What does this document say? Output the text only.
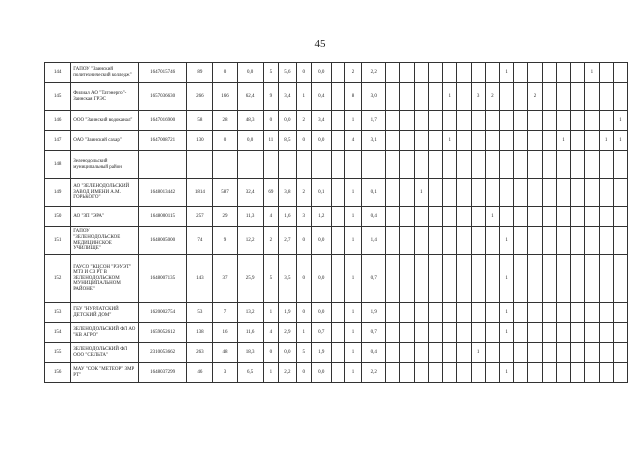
45
144	ГАПОУ "Заинский политехнический колледж"	1647015746	89	0	0,0	5	5,6	0	0,0		2	2,2									1						1		
145	Филиал АО "Татэнерго"-Заинская ГРЭС	1657036630	266	166	62,4	9	3,4	1	0,4		8	3,0					1		3	2			2						
146	ООО "Заинский водоканал"	1647016900	58	28	48,3	0	0,0	2	3,4		1	1,7																	1
147	ОАО "Заинский сахар"	1647008721	130	0	0,0	11	8,5	0	0,0		4	3,1					1								1			1	1
148	Зеленодольский муниципальный район																												
149	АО "ЗЕЛЕНОДОЛЬСКИЙ ЗАВОД ИМЕНИ А.М. ГОРЬКОГО"	1648013442	1814	587	32,4	69	3,8	2	0,1		1	0,1			1														
150	АО "ЗП "ЭРА"	1648000115	257	29	11,3	4	1,6	3	1,2		1	0,4								1									
151	ГАПОУ "ЗЕЛЕНОДОЛЬСКОЕ МЕДИЦИНСКОЕ УЧИЛИЩЕ"	1648005000	74	9	12,2	2	2,7	0	0,0		1	1,4									1								
152	ГАУСО "КЦСОН "РЭУЭТ" МТЗ И СЗ РТ В ЗЕЛЕНОДОЛЬСКОМ МУНИЦИПАЛЬНОМ РАЙОНЕ"	1648007135	143	37	25,9	5	3,5	0	0,0		1	0,7									1								
153	ГБУ "НУРЛАТСКИЙ ДЕТСКИЙ ДОМ"	1620002754	53	7	13,2	1	1,9	0	0,0		1	1,9									1								
154	ЗЕЛЕНОДОЛЬСКИЙ ФЛ АО "КВ АГРО"	1659052612	138	16	11,6	4	2,9	1	0,7		1	0,7									1								
155	ЗЕЛЕНОДОЛЬСКИЙ ФЛ ООО "СЕЛЬТА"	2310053662	263	48	18,3	0	0,0	5	1,9		1	0,4							1										
156	МАУ "СОК "МЕТЕОР" ЗМР РТ"	1648037299	46	3	6,5	1	2,2	0	0,0		1	2,2									1								
